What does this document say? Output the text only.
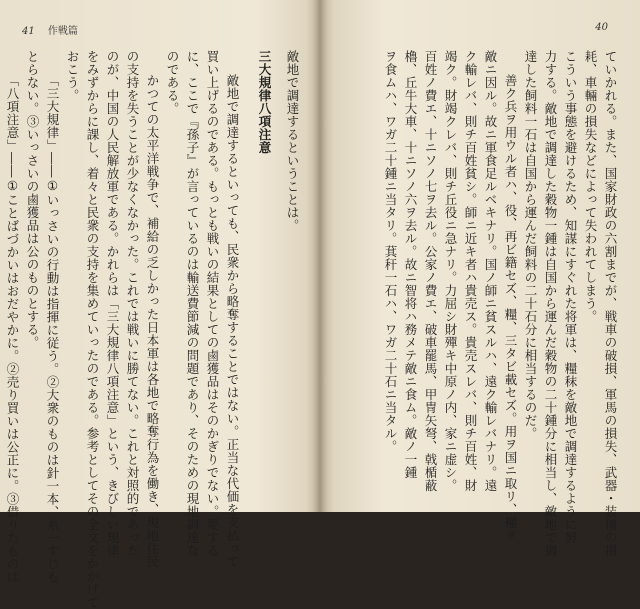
41 作戦篇
敵地で調達するということは。
三大規律八項注意
敵地で調達するといっても、民衆から略奪することではない。正当な代価を支払って
買い上げるのである。もっとも戦いの結果としての鹵獲品はそのかぎりでない。要する
に、ここで『孫子』が言っているのは輸送費節減の問題であり、そのための現地調達な
のである。
かつての太平洋戦争で、補給の乏しかった日本軍は各地で略奪行為を働き、現地住民
の支持を失うことが少なくなかった。これでは戦いに勝てない。これと対照的であった
のが、中国の人民解放軍である。かれらは「三大規律八項注意」という、きびしい規律
をみずからに課し、着々と民衆の支持を集めていったのである。参考としてその全文をかかげて
おこう。
「三大規律」――①いっさいの行動は指揮に従う。②大衆のものは針一本、糸一すじも
とらない。③いっさいの鹵獲品は公のものとする。
「八項注意」――①ことばづかいはおだやかに。②売り買いは公正に。③借りたものは
40
ていかれる。また、国家財政の六割までが、戦車の破損、軍馬の損失、武器・装備の損
耗、車輛の損失などによって失われてしまう。
こういう事態を避けるため、知謀にすぐれた将軍は、糧秣を敵地で調達するように努
力する。敵地で調達した穀物一鍾は自国から運んだ穀物の二十鍾分に相当し、敵地で調
達した飼料一石は自国から運んだ飼料の二十石分に相当するのだ。
善ク兵ヲ用ウル者ハ、役、再ビ籍セズ、糧、三タビ載セズ。用ヲ国ニ取リ、糧ヲ
敵ニ因ル。故ニ軍食足ルベキナリ。国ノ師ニ貧スルハ、遠ク輸レバナリ。遠
ク輸レバ、則チ百姓貧シ。師ニ近キ者ハ貴売ス。貴売スレバ、則チ百姓、財
竭ク。財竭クレバ、則チ丘役ニ急ナリ。力屈シ財殫キ中原ノ内、家ニ虚シ。
百姓ノ費エ、十ニソノ七ヲ去ル。公家ノ費エ、破車罷馬、甲冑矢弩、戟楯蔽
櫓、丘牛大車、十ニソノ六ヲ去ル。故ニ智将ハ務メテ敵ニ食ム。敵ノ一鍾
ヲ食ムハ、ワガ二十鍾ニ当タリ。萁秆一石ハ、ワガ二十石ニ当タル。
